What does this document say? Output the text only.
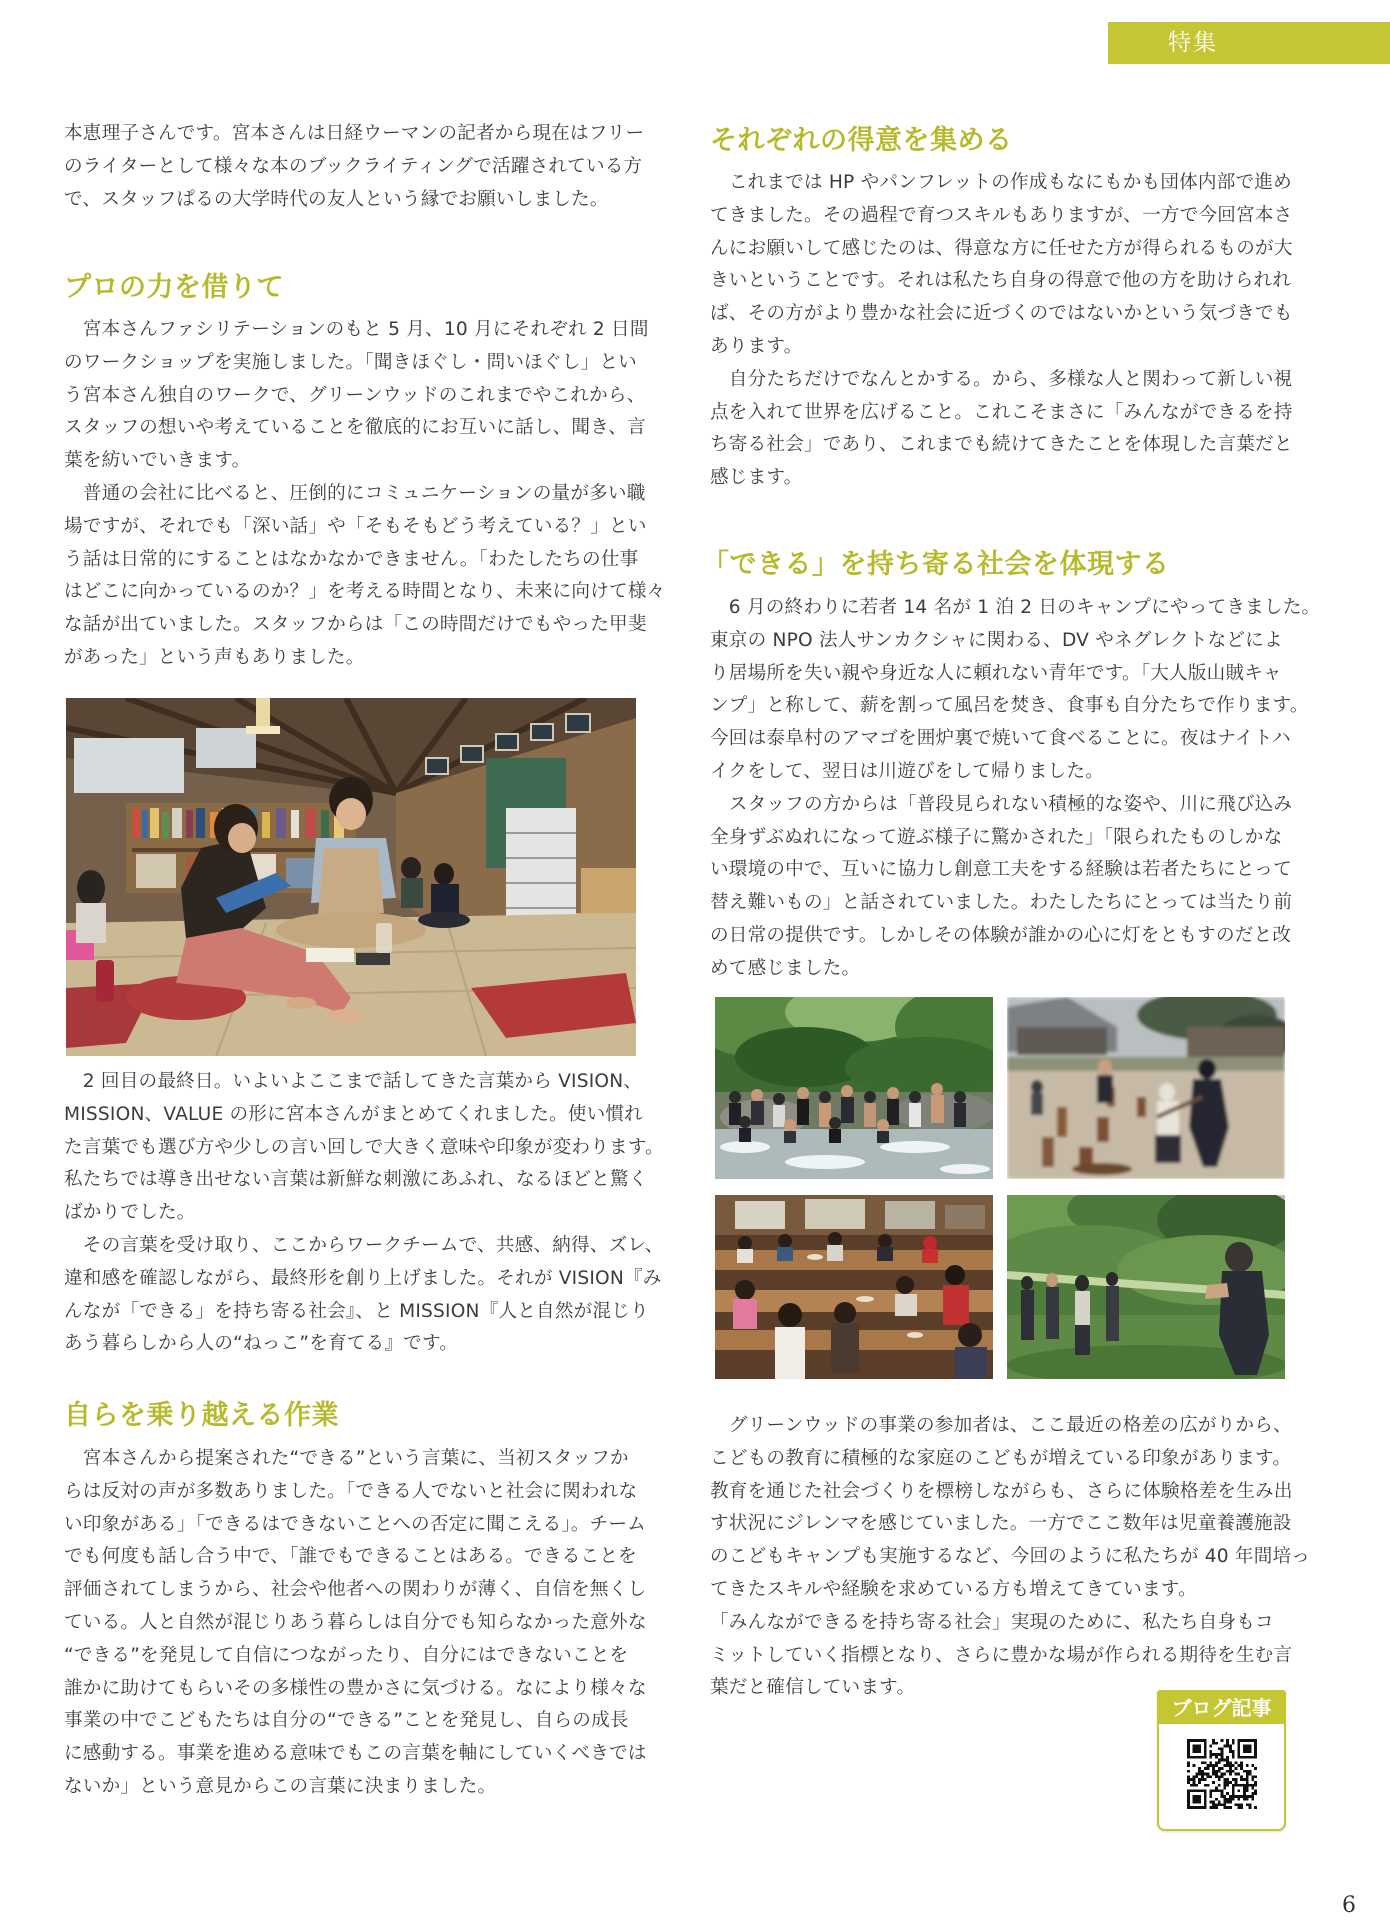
特集

本恵理子さんです。宮本さんは日経ウーマンの記者から現在はフリー
のライターとして様々な本のブックライティングで活躍されている方
で、スタッフぱるの大学時代の友人という縁でお願いしました。

プロの力を借りて

　宮本さんファシリテーションのもと 5 月、10 月にそれぞれ 2 日間
のワークショップを実施しました。「聞きほぐし・問いほぐし」とい
う宮本さん独自のワークで、グリーンウッドのこれまでやこれから、
スタッフの想いや考えていることを徹底的にお互いに話し、聞き、言
葉を紡いでいきます。

　普通の会社に比べると、圧倒的にコミュニケーションの量が多い職
場ですが、それでも「深い話」や「そもそもどう考えている？」とい
う話は日常的にすることはなかなかできません。「わたしたちの仕事
はどこに向かっているのか？」を考える時間となり、未来に向けて様々
な話が出ていました。スタッフからは「この時間だけでもやった甲斐
があった」という声もありました。

　2 回目の最終日。いよいよここまで話してきた言葉から VISION、
MISSION、VALUE の形に宮本さんがまとめてくれました。使い慣れ
た言葉でも選び方や少しの言い回しで大きく意味や印象が変わります。
私たちでは導き出せない言葉は新鮮な刺激にあふれ、なるほどと驚く
ばかりでした。

　その言葉を受け取り、ここからワークチームで、共感、納得、ズレ、
違和感を確認しながら、最終形を創り上げました。それが VISION『み
んなが「できる」を持ち寄る社会』、と MISSION『人と自然が混じり
あう暮らしから人の“ねっこ”を育てる』です。

自らを乗り越える作業

　宮本さんから提案された“できる”という言葉に、当初スタッフか
らは反対の声が多数ありました。「できる人でないと社会に関われな
い印象がある」「できるはできないことへの否定に聞こえる」。チーム
でも何度も話し合う中で、「誰でもできることはある。できることを
評価されてしまうから、社会や他者への関わりが薄く、自信を無くし
ている。人と自然が混じりあう暮らしは自分でも知らなかった意外な
“できる”を発見して自信につながったり、自分にはできないことを
誰かに助けてもらいその多様性の豊かさに気づける。なにより様々な
事業の中でこどもたちは自分の“できる”ことを発見し、自らの成長
に感動する。事業を進める意味でもこの言葉を軸にしていくべきでは
ないか」という意見からこの言葉に決まりました。

それぞれの得意を集める

　これまでは HP やパンフレットの作成もなにもかも団体内部で進め
てきました。その過程で育つスキルもありますが、一方で今回宮本さ
んにお願いして感じたのは、得意な方に任せた方が得られるものが大
きいということです。それは私たち自身の得意で他の方を助けられれ
ば、その方がより豊かな社会に近づくのではないかという気づきでも
あります。

　自分たちだけでなんとかする。から、多様な人と関わって新しい視
点を入れて世界を広げること。これこそまさに「みんなができるを持
ち寄る社会」であり、これまでも続けてきたことを体現した言葉だと
感じます。

「できる」を持ち寄る社会を体現する

　6 月の終わりに若者 14 名が 1 泊 2 日のキャンプにやってきました。
東京の NPO 法人サンカクシャに関わる、DV やネグレクトなどによ
り居場所を失い親や身近な人に頼れない青年です。「大人版山賊キャ
ンプ」と称して、薪を割って風呂を焚き、食事も自分たちで作ります。
今回は泰阜村のアマゴを囲炉裏で焼いて食べることに。夜はナイトハ
イクをして、翌日は川遊びをして帰りました。

　スタッフの方からは「普段見られない積極的な姿や、川に飛び込み
全身ずぶぬれになって遊ぶ様子に驚かされた」「限られたものしかな
い環境の中で、互いに協力し創意工夫をする経験は若者たちにとって
替え難いもの」と話されていました。わたしたちにとっては当たり前
の日常の提供です。しかしその体験が誰かの心に灯をともすのだと改
めて感じました。

　グリーンウッドの事業の参加者は、ここ最近の格差の広がりから、
こどもの教育に積極的な家庭のこどもが増えている印象があります。
教育を通じた社会づくりを標榜しながらも、さらに体験格差を生み出
す状況にジレンマを感じていました。一方でここ数年は児童養護施設
のこどもキャンプも実施するなど、今回のように私たちが 40 年間培っ
てきたスキルや経験を求めている方も増えてきています。

「みんなができるを持ち寄る社会」実現のために、私たち自身もコ
ミットしていく指標となり、さらに豊かな場が作られる期待を生む言
葉だと確信しています。

ブログ記事
6
